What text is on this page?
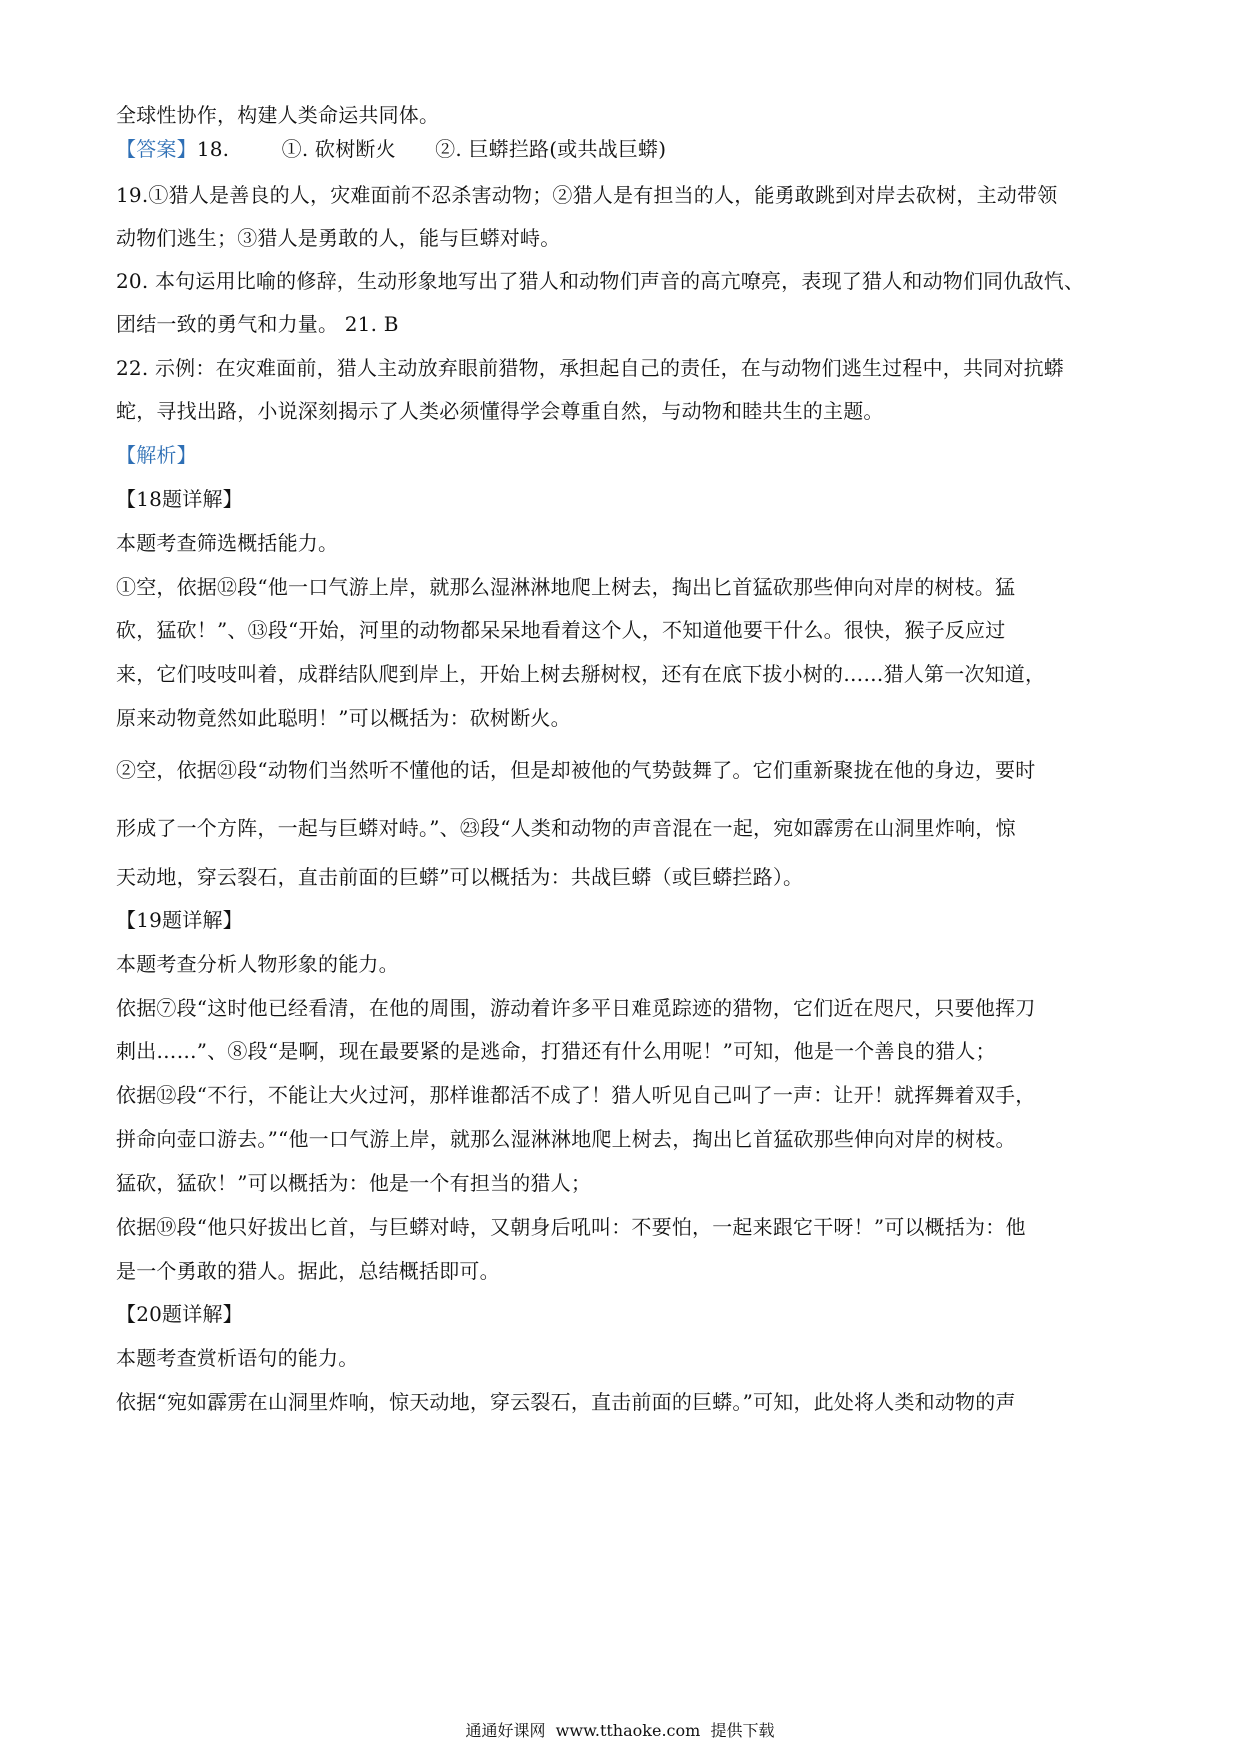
全球性协作，构建人类命运共同体。
【答案】18.        ①. 砍树断火      ②. 巨蟒拦路(或共战巨蟒)
19.①猎人是善良的人，灾难面前不忍杀害动物；②猎人是有担当的人，能勇敢跳到对岸去砍树，主动带领
动物们逃生；③猎人是勇敢的人，能与巨蟒对峙。
20. 本句运用比喻的修辞，生动形象地写出了猎人和动物们声音的高亢嘹亮，表现了猎人和动物们同仇敌忾、
团结一致的勇气和力量。 21. B
22. 示例：在灾难面前，猎人主动放弃眼前猎物，承担起自己的责任，在与动物们逃生过程中，共同对抗蟒
蛇，寻找出路，小说深刻揭示了人类必须懂得学会尊重自然，与动物和睦共生的主题。
【解析】
【18题详解】
本题考查筛选概括能力。
①空，依据⑫段“他一口气游上岸，就那么湿淋淋地爬上树去，掏出匕首猛砍那些伸向对岸的树枝。猛
砍，猛砍！”、⑬段“开始，河里的动物都呆呆地看着这个人，不知道他要干什么。很快，猴子反应过
来，它们吱吱叫着，成群结队爬到岸上，开始上树去掰树杈，还有在底下拔小树的……猎人第一次知道，
原来动物竟然如此聪明！”可以概括为：砍树断火。
②空，依据㉑段“动物们当然听不懂他的话，但是却被他的气势鼓舞了。它们重新聚拢在他的身边，要时
形成了一个方阵，一起与巨蟒对峙。”、㉓段“人类和动物的声音混在一起，宛如霹雳在山洞里炸响，惊
天动地，穿云裂石，直击前面的巨蟒”可以概括为：共战巨蟒（或巨蟒拦路）。
【19题详解】
本题考查分析人物形象的能力。
依据⑦段“这时他已经看清，在他的周围，游动着许多平日难觅踪迹的猎物，它们近在咫尺，只要他挥刀
刺出……”、⑧段“是啊，现在最要紧的是逃命，打猎还有什么用呢！”可知，他是一个善良的猎人；
依据⑫段“不行，不能让大火过河，那样谁都活不成了！猎人听见自己叫了一声：让开！就挥舞着双手，
拼命向壶口游去。”“他一口气游上岸，就那么湿淋淋地爬上树去，掏出匕首猛砍那些伸向对岸的树枝。
猛砍，猛砍！”可以概括为：他是一个有担当的猎人；
依据⑲段“他只好拔出匕首，与巨蟒对峙，又朝身后吼叫：不要怕，一起来跟它干呀！”可以概括为：他
是一个勇敢的猎人。据此，总结概括即可。
【20题详解】
本题考查赏析语句的能力。
依据“宛如霹雳在山洞里炸响，惊天动地，穿云裂石，直击前面的巨蟒。”可知，此处将人类和动物的声
通通好课网  www.tthaoke.com  提供下载
